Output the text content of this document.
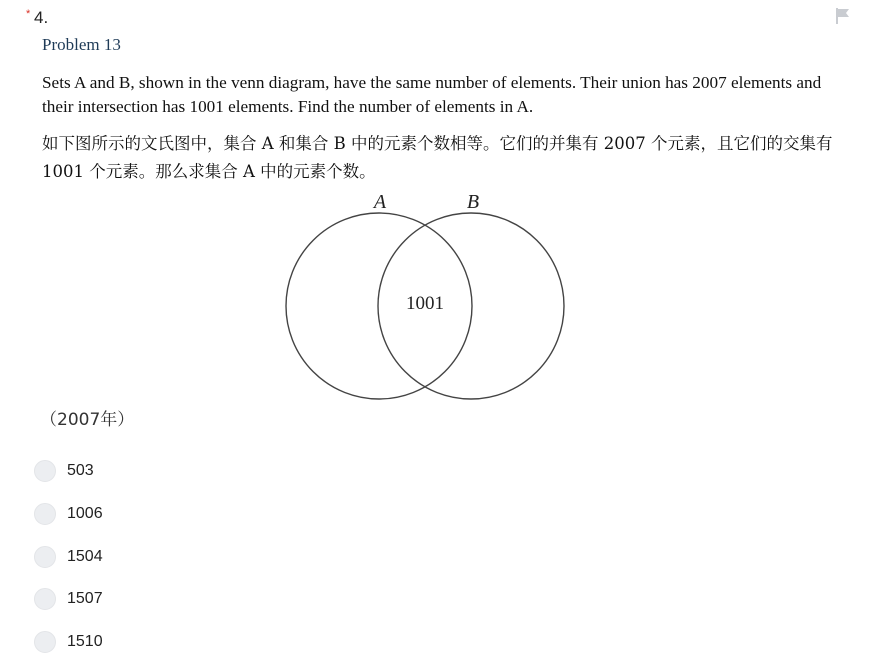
* 4.
Problem 13
Sets A and B, shown in the venn diagram, have the same number of elements. Their union has 2007 elements and their intersection has 1001 elements. Find the number of elements in A.
如下图所示的文氏图中，集合 A 和集合 B 中的元素个数相等。它们的并集有 2007 个元素，且它们的交集有 1001 个元素。那么求集合 A 中的元素个数。
A	B
1001
（2007年）
503
1006
1504
1507
1510
